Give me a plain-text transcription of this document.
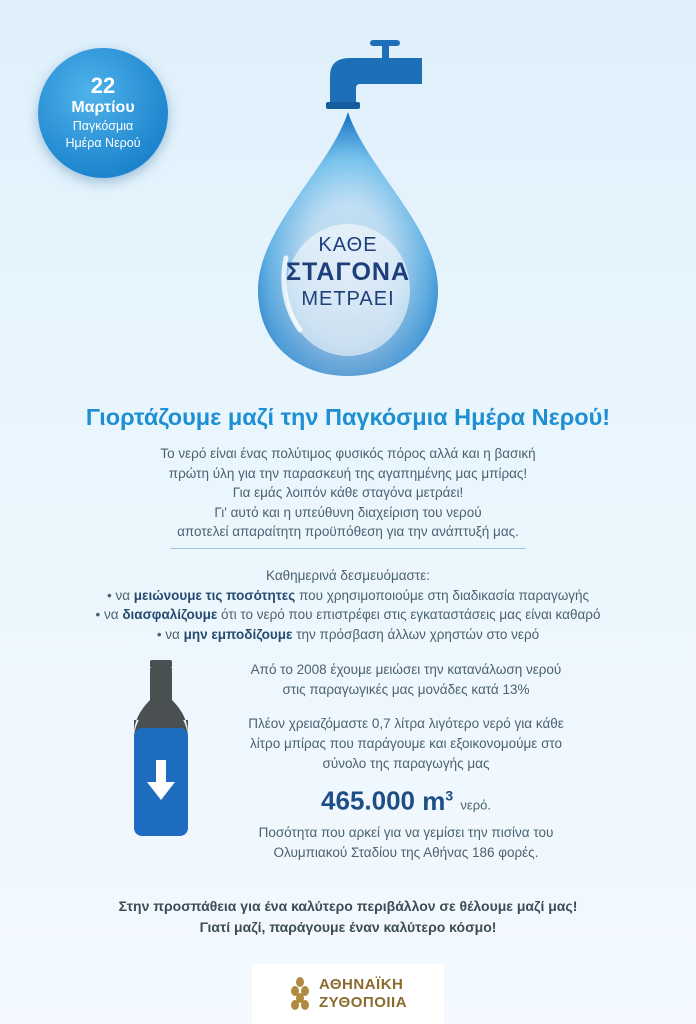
22
Μαρτίου
Παγκόσμια
Ημέρα Νερού
ΚΑΘΕ
ΣΤΑΓΟΝΑ
ΜΕΤΡΑΕΙ
Γιορτάζουμε μαζί την Παγκόσμια Ημέρα Νερού!
Το νερό είναι ένας πολύτιμος φυσικός πόρος αλλά και η βασική
πρώτη ύλη για την παρασκευή της αγαπημένης μας μπίρας!
Για εμάς λοιπόν κάθε σταγόνα μετράει!
Γι' αυτό και η υπεύθυνη διαχείριση του νερού
αποτελεί απαραίτητη προϋπόθεση για την ανάπτυξή μας.
Καθημερινά δεσμευόμαστε:
• να μειώνουμε τις ποσότητες που χρησιμοποιούμε στη διαδικασία παραγωγής
• να διασφαλίζουμε ότι το νερό που επιστρέφει στις εγκαταστάσεις μας είναι καθαρό
• να μην εμποδίζουμε την πρόσβαση άλλων χρηστών στο νερό
Από το 2008 έχουμε μειώσει την κατανάλωση νερού
στις παραγωγικές μας μονάδες κατά 13%
Πλέον χρειαζόμαστε 0,7 λίτρα λιγότερο νερό για κάθε
λίτρο μπίρας που παράγουμε και εξοικονομούμε στο
σύνολο της παραγωγής μας
465.000 $m^3$ νερό.
Ποσότητα που αρκεί για να γεμίσει την πισίνα του
Ολυμπιακού Σταδίου της Αθήνας 186 φορές.
Στην προσπάθεια για ένα καλύτερο περιβάλλον σε θέλουμε μαζί μας!
Γιατί μαζί, παράγουμε έναν καλύτερο κόσμο!
ΑΘΗΝΑΪΚΗ
ΖΥΘΟΠΟΙΙΑ
